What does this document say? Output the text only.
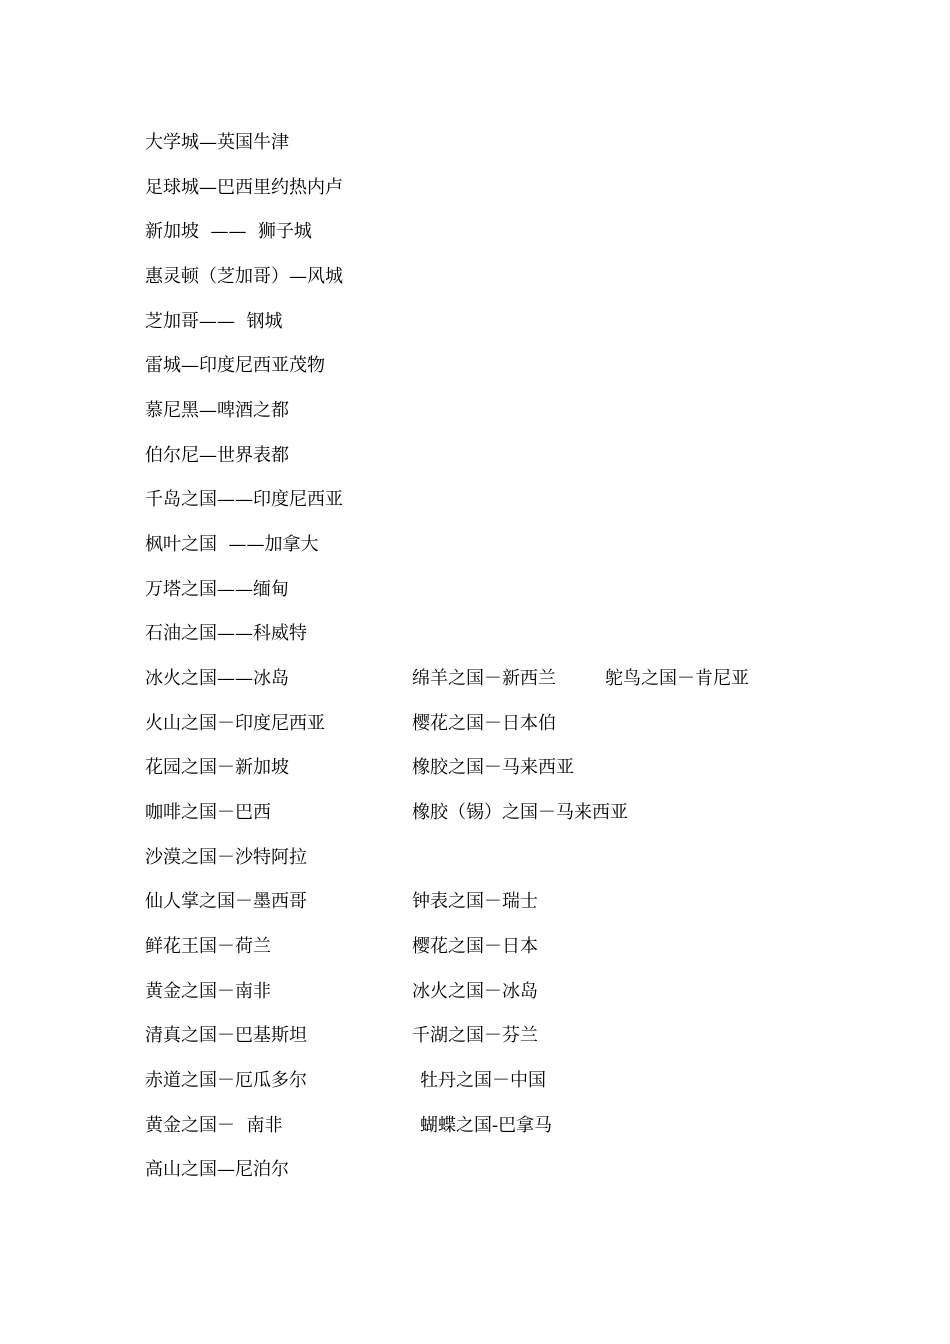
大学城—英国牛津
足球城—巴西里约热内卢
新加坡  ——  狮子城
惠灵顿（芝加哥）—风城
芝加哥——  钢城
雷城—印度尼西亚茂物
慕尼黑—啤酒之都
伯尔尼—世界表都
千岛之国——印度尼西亚
枫叶之国  ——加拿大
万塔之国——缅甸
石油之国——科威特
冰火之国——冰岛
火山之国－印度尼西亚
花园之国－新加坡
咖啡之国－巴西
沙漠之国－沙特阿拉
仙人掌之国－墨西哥
鲜花王国－荷兰
黄金之国－南非
清真之国－巴基斯坦
赤道之国－厄瓜多尔
黄金之国－  南非
高山之国—尼泊尔
绵羊之国－新西兰
樱花之国－日本伯
橡胶之国－马来西亚
橡胶（锡）之国－马来西亚
钟表之国－瑞士
樱花之国－日本
冰火之国－冰岛
千湖之国－芬兰
牡丹之国－中国
蝴蝶之国-巴拿马
鸵鸟之国－肯尼亚
